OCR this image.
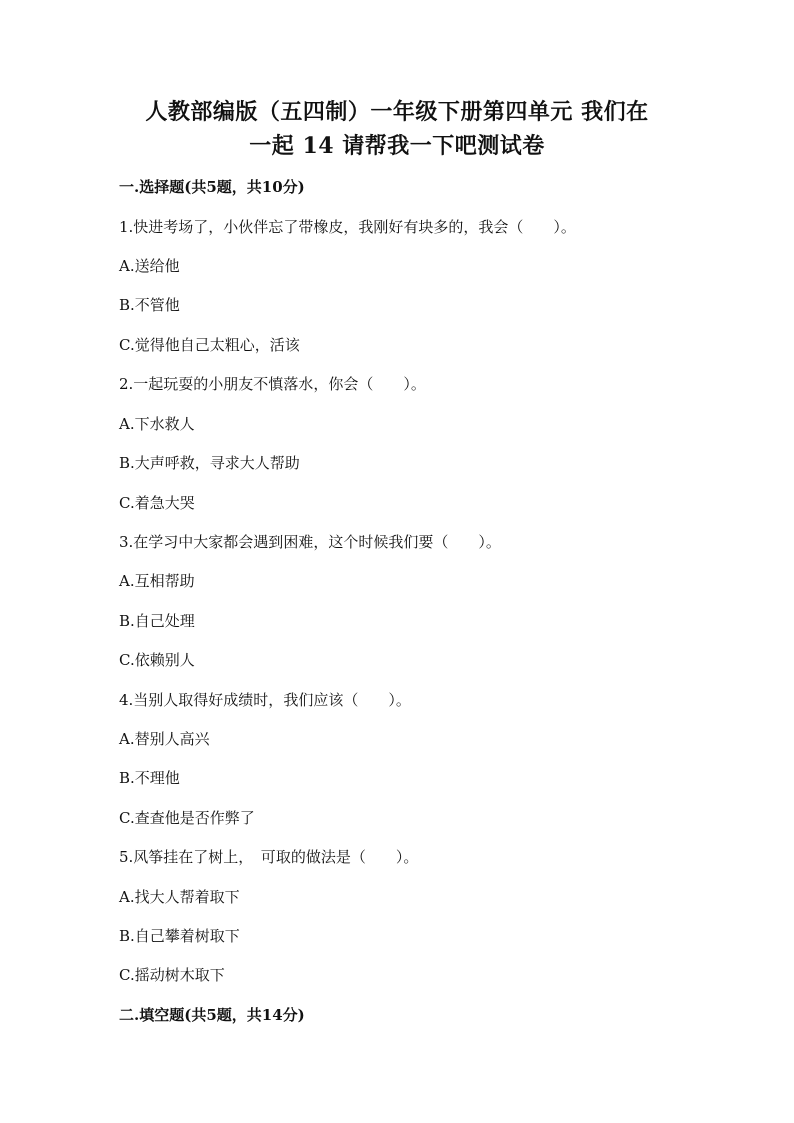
人教部编版（五四制）一年级下册第四单元 我们在
一起 14 请帮我一下吧测试卷
一.选择题(共5题，共10分)
1.快进考场了，小伙伴忘了带橡皮，我刚好有块多的，我会（　　）。
A.送给他
B.不管他
C.觉得他自己太粗心，活该
2.一起玩耍的小朋友不慎落水，你会（　　）。
A.下水救人
B.大声呼救，寻求大人帮助
C.着急大哭
3.在学习中大家都会遇到困难，这个时候我们要（　　）。
A.互相帮助
B.自己处理
C.依赖别人
4.当别人取得好成绩时，我们应该（　　）。
A.替别人高兴
B.不理他
C.查查他是否作弊了
5.风筝挂在了树上，　可取的做法是（　　）。
A.找大人帮着取下
B.自己攀着树取下
C.摇动树木取下
二.填空题(共5题，共14分)
